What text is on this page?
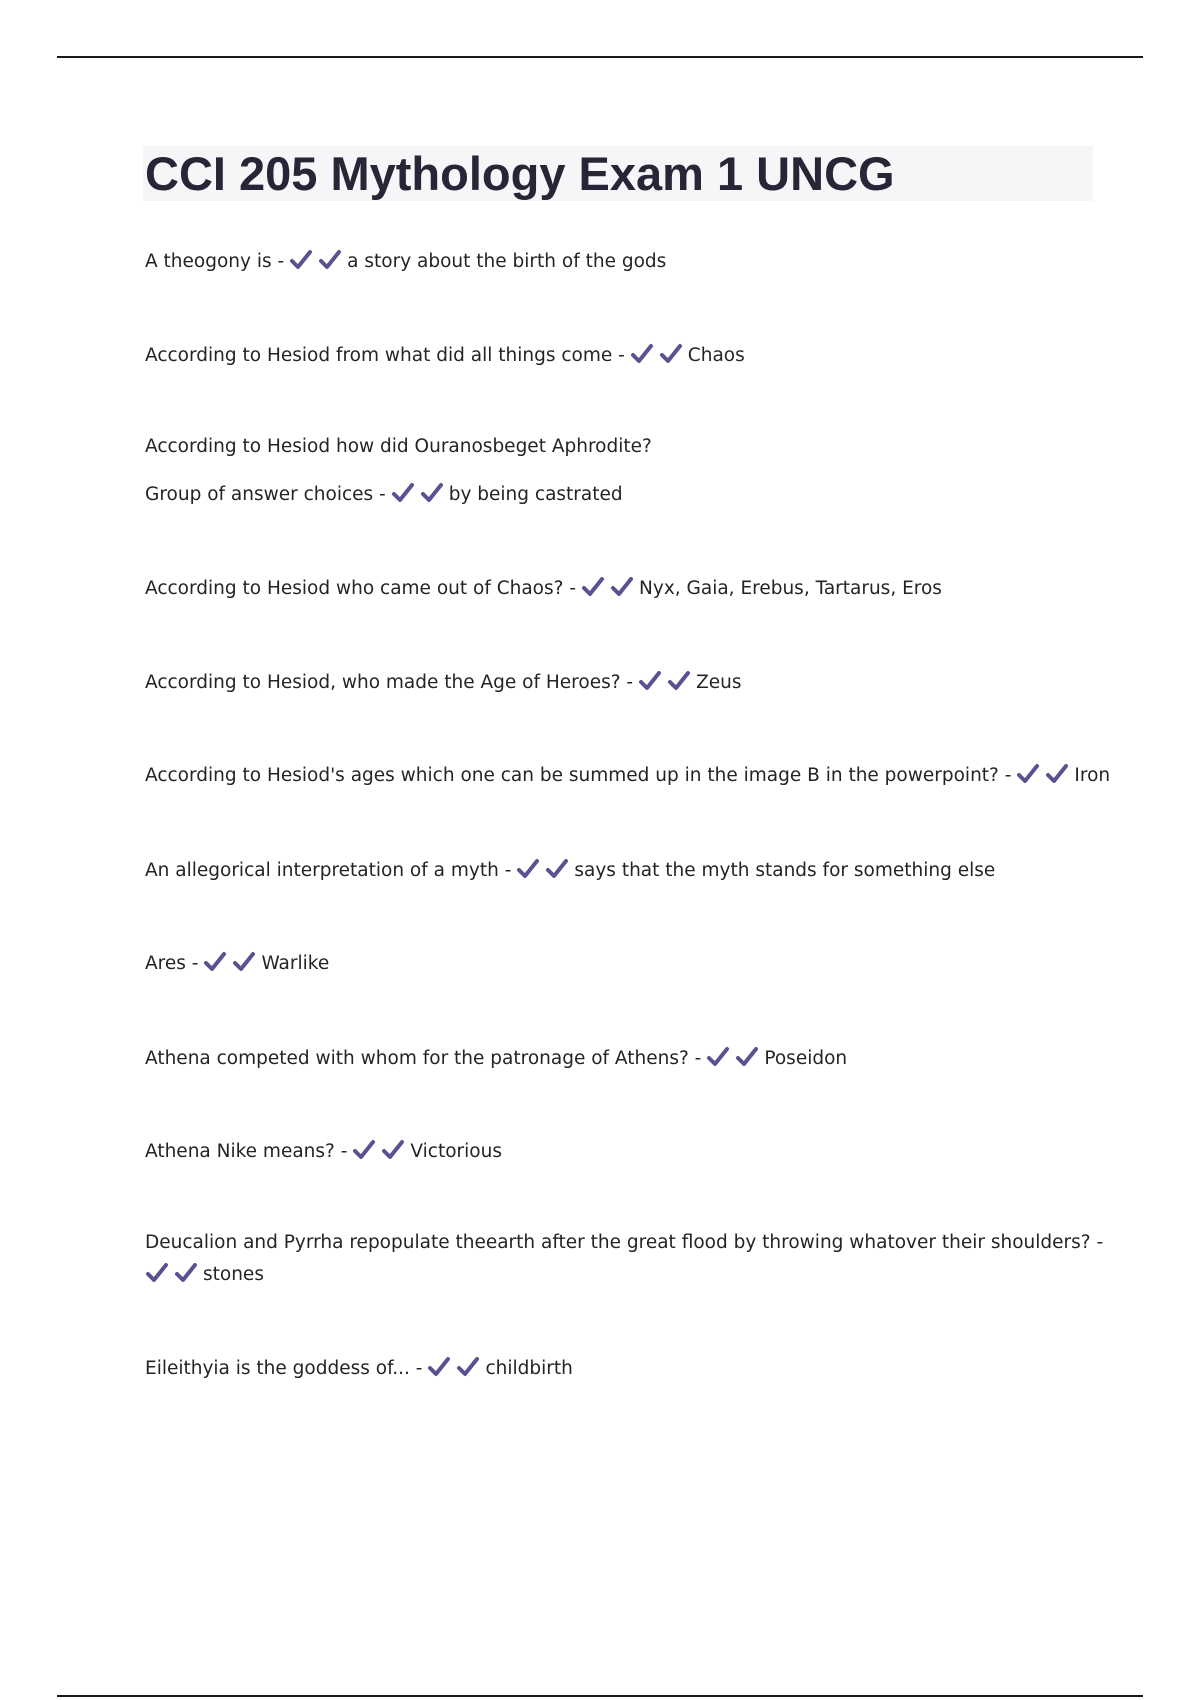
CCI 205 Mythology Exam 1 UNCG
A theogony is -	a story about the birth of the gods
According to Hesiod from what did all things come -	Chaos
According to Hesiod how did Ouranosbeget Aphrodite?
Group of answer choices -	by being castrated
According to Hesiod who came out of Chaos? -	Nyx, Gaia, Erebus, Tartarus, Eros
According to Hesiod, who made the Age of Heroes? -	Zeus
According to Hesiod's ages which one can be summed up in the image B in the powerpoint? -	Iron
An allegorical interpretation of a myth -	says that the myth stands for something else
Ares -	Warlike
Athena competed with whom for the patronage of Athens? -	Poseidon
Athena Nike means? -	Victorious
Deucalion and Pyrrha repopulate theearth after the great flood by throwing whatover their shoulders? -
stones
Eileithyia is the goddess of... -	childbirth
